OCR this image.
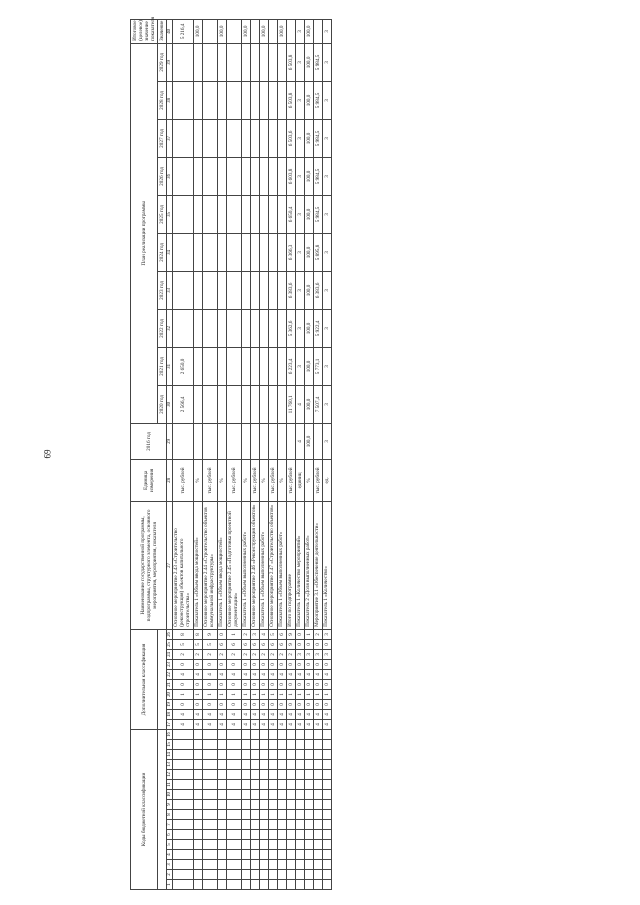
69
Коды бюджетной классификации																Дополнительная классификация										Наименование государственной программы, подпрограммы, структурного элемента, основного мероприятия, мероприятия, показателя	Единица измерения	2016 год	План реализации программы										Итоговое (целевое) значение показателя	
																													2020 год	2021 год	2022 год	2023 год	2024 год	2025 год	2026 год	2027 год	2028 год	2029 год	Значение	
1	2	3	4	5	6	7	8	9	10	11	12	13	14	15	16	17	18	19	20	21	22	23	24	25	26	27	28	29	30	31	32	33	34	35	36	37	38	39	40	
																4	4	0	1	0	4	0	2	5	8	Основное мероприятие 2.43 «Строительство (реконструкция) объектов капитального строительства»	тыс. рублей		2 566,4	2 650,0									5 216,4	
																4	4	0	1	0	4	0	2	5	8	Показатель 1 «Объем ввода мощностей»	%												100,0	
																4	4	0	1	0	4	0	2	5	9	Основное мероприятие 2.44 «Строительство объектов коммунальной инфраструктуры»	тыс. рублей													
																4	4	0	1	0	4	0	2	6	0	Показатель 1 «Объем ввода мощностей»	%												100,0	
																4	4	0	1	0	4	0	2	6	1	Основное мероприятие 2.45 «Подготовка проектной документации»	тыс. рублей													
																4	4	0	1	0	4	0	2	6	2	Показатель 1 «Объем выполненных работ»	%												100,0	
																4	4	0	1	0	4	0	2	6	3	Основное мероприятие 2.46 «Реконструкция объектов»	тыс. рублей													
																4	4	0	1	0	4	0	2	6	4	Показатель 1 «Объем выполненных работ»	%												100,0	
																4	4	0	1	0	4	0	2	6	5	Основное мероприятие 2.47 «Строительство объектов»	тыс. рублей													
																4	4	0	1	0	4	0	2	6	6	Показатель 1 «Объем выполненных работ»	%												100,0	
																4	4	0	1	0	4	0	2	9	9	Итого по подпрограмме	тыс. рублей		11 760,1	6 223,4	5 362,6	6 383,6	6 366,3	6 650,4	6 603,8	6 503,6	6 503,8	6 503,8		
																4	4	0	1	0	4	0	3	0	0	Показатель 1 «Количество мероприятий»	единиц	4	4	3	3	3	3	3	3	3	3	3	3	
																4	4	0	1	0	4	0	3	0	1	Показатель 2 «Доля выполненных работ»	%	100,0	100,0	100,0	100,0	100,0	100,0	100,0	100,0	100,0	100,0	100,0	100,0	
																4	4	0	1	0	4	0	3	0	2	Мероприятие 3.1 «Обеспечение деятельности»	тыс. рублей		7 507,4	5 773,1	5 922,4	6 383,6	5 895,8	5 984,5	5 984,5	5 984,5	5 984,5	5 984,5		
																4	4	0	1	0	4	0	3	0	3	Показатель 1 «Количество»	ед.	3	3	3	3	3	3	3	3	3	3	3	3	
